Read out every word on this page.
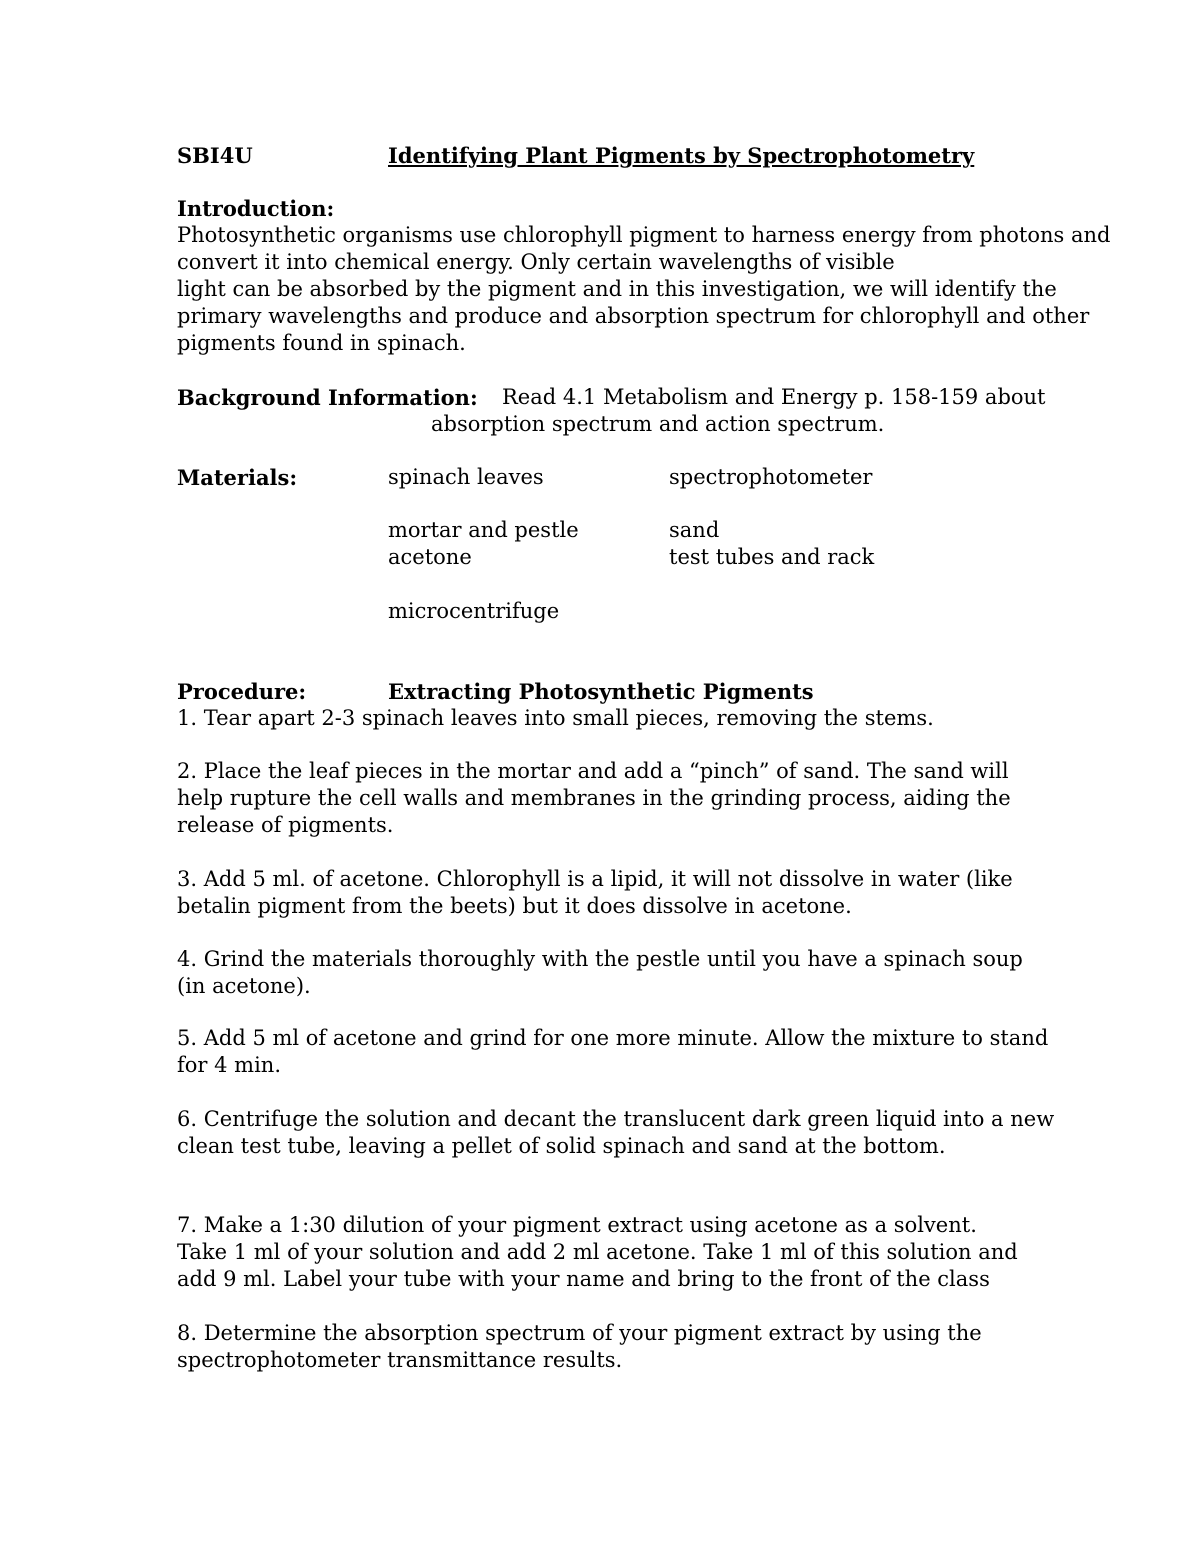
SBI4U	Identifying Plant Pigments by Spectrophotometry
Introduction:
Photosynthetic organisms use chlorophyll pigment to harness energy from photons and
convert it into chemical energy. Only certain wavelengths of visible
light can be absorbed by the pigment and in this investigation, we will identify the
primary wavelengths and produce and absorption spectrum for chlorophyll and other
pigments found in spinach.
Background Information: Read 4.1 Metabolism and Energy p. 158-159 about
absorption spectrum and action spectrum.
Materials:	spinach leaves	spectrophotometer
mortar and pestle	sand
acetone	test tubes and rack
microcentrifuge
Procedure:	Extracting Photosynthetic Pigments
1. Tear apart 2-3 spinach leaves into small pieces, removing the stems.
2. Place the leaf pieces in the mortar and add a “pinch” of sand. The sand will
help rupture the cell walls and membranes in the grinding process, aiding the
release of pigments.
3. Add 5 ml. of acetone. Chlorophyll is a lipid, it will not dissolve in water (like
betalin pigment from the beets) but it does dissolve in acetone.
4. Grind the materials thoroughly with the pestle until you have a spinach soup
(in acetone).
5. Add 5 ml of acetone and grind for one more minute. Allow the mixture to stand
for 4 min.
6. Centrifuge the solution and decant the translucent dark green liquid into a new
clean test tube, leaving a pellet of solid spinach and sand at the bottom.
7. Make a 1:30 dilution of your pigment extract using acetone as a solvent.
Take 1 ml of your solution and add 2 ml acetone. Take 1 ml of this solution and
add 9 ml. Label your tube with your name and bring to the front of the class
8. Determine the absorption spectrum of your pigment extract by using the
spectrophotometer transmittance results.
